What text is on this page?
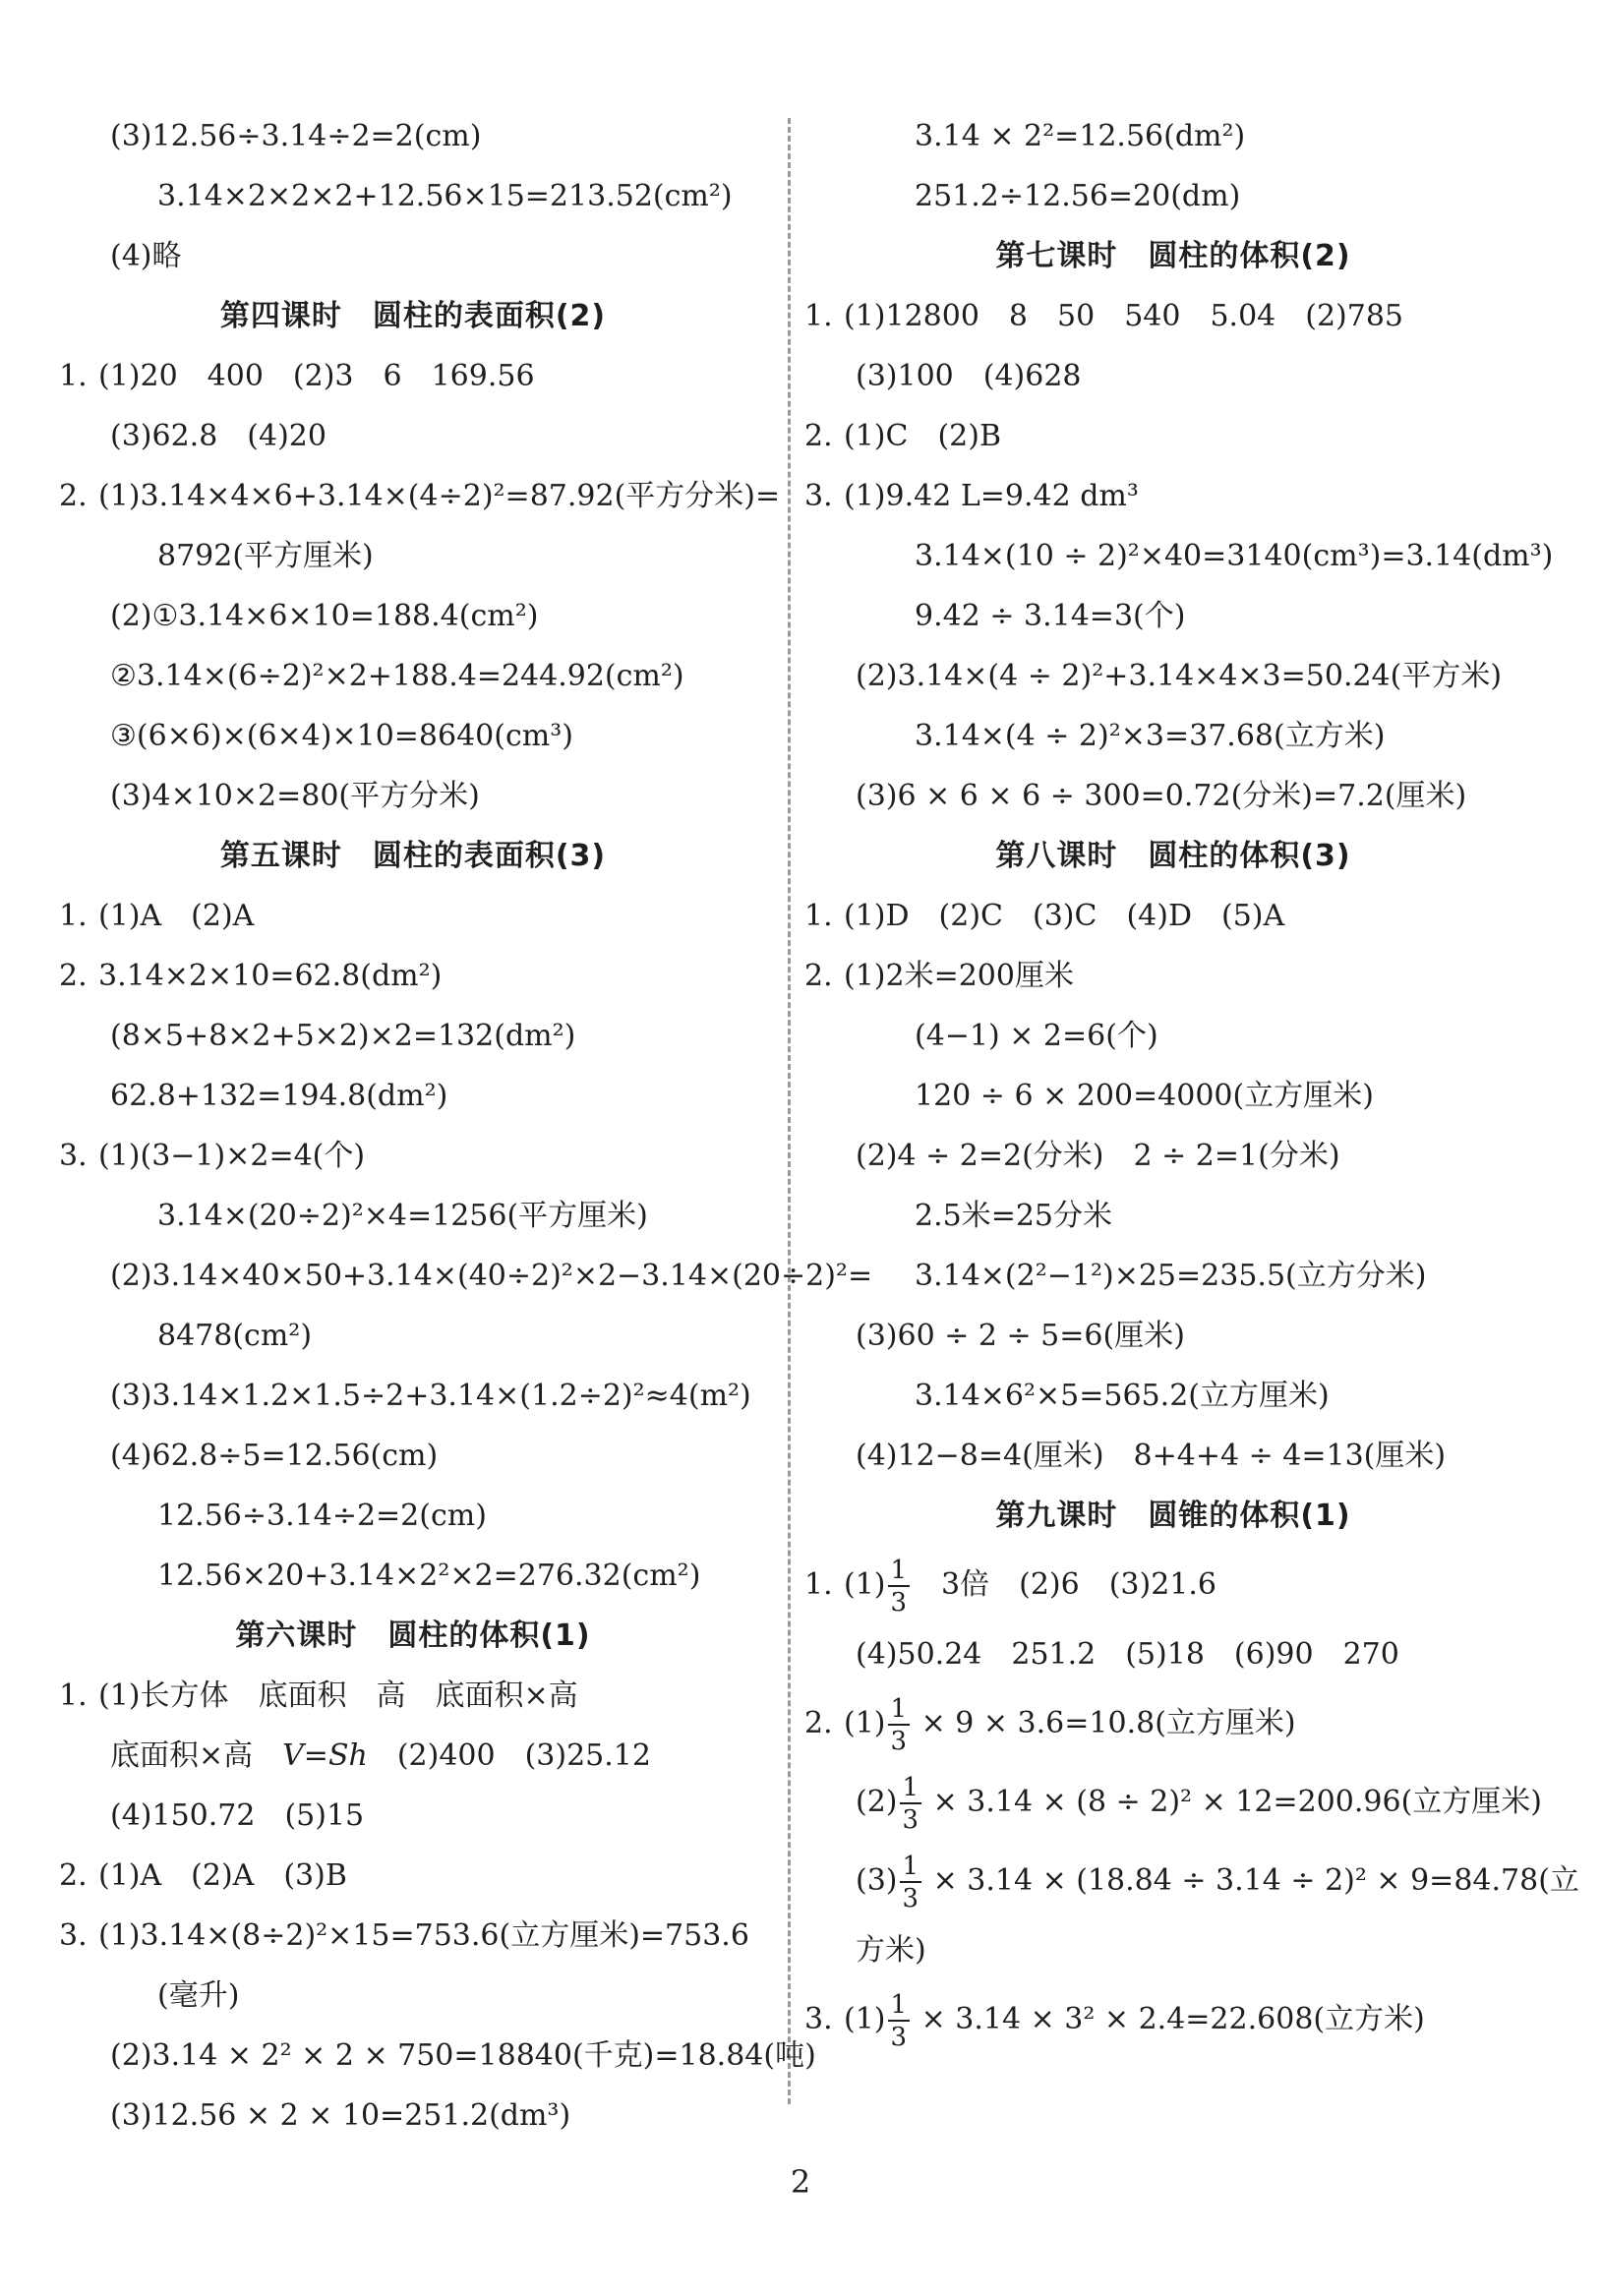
(3)12.56÷3.14÷2=2(cm)
3.14×2×2×2+12.56×15=213.52(cm²)
(4)略
第四课时　圆柱的表面积(2)
1. (1)20　400　(2)3　6　169.56
(3)62.8　(4)20
2. (1)3.14×4×6+3.14×(4÷2)²=87.92(平方分米)=
8792(平方厘米)
(2)①3.14×6×10=188.4(cm²)
②3.14×(6÷2)²×2+188.4=244.92(cm²)
③(6×6)×(6×4)×10=8640(cm³)
(3)4×10×2=80(平方分米)
第五课时　圆柱的表面积(3)
1. (1)A　(2)A
2. 3.14×2×10=62.8(dm²)
(8×5+8×2+5×2)×2=132(dm²)
62.8+132=194.8(dm²)
3. (1)(3−1)×2=4(个)
3.14×(20÷2)²×4=1256(平方厘米)
(2)3.14×40×50+3.14×(40÷2)²×2−3.14×(20÷2)²=
8478(cm²)
(3)3.14×1.2×1.5÷2+3.14×(1.2÷2)²≈4(m²)
(4)62.8÷5=12.56(cm)
12.56÷3.14÷2=2(cm)
12.56×20+3.14×2²×2=276.32(cm²)
第六课时　圆柱的体积(1)
1. (1)长方体　底面积　高　底面积×高
底面积×高　V=Sh　(2)400　(3)25.12
(4)150.72　(5)15
2. (1)A　(2)A　(3)B
3. (1)3.14×(8÷2)²×15=753.6(立方厘米)=753.6
(毫升)
(2)3.14 × 2² × 2 × 750=18840(千克)=18.84(吨)
(3)12.56 × 2 × 10=251.2(dm³)
3.14 × 2²=12.56(dm²)
251.2÷12.56=20(dm)
第七课时　圆柱的体积(2)
1. (1)12800　8　50　540　5.04　(2)785
(3)100　(4)628
2. (1)C　(2)B
3. (1)9.42 L=9.42 dm³
3.14×(10 ÷ 2)²×40=3140(cm³)=3.14(dm³)
9.42 ÷ 3.14=3(个)
(2)3.14×(4 ÷ 2)²+3.14×4×3=50.24(平方米)
3.14×(4 ÷ 2)²×3=37.68(立方米)
(3)6 × 6 × 6 ÷ 300=0.72(分米)=7.2(厘米)
第八课时　圆柱的体积(3)
1. (1)D　(2)C　(3)C　(4)D　(5)A
2. (1)2米=200厘米
(4−1) × 2=6(个)
120 ÷ 6 × 200=4000(立方厘米)
(2)4 ÷ 2=2(分米)　2 ÷ 2=1(分米)
2.5米=25分米
3.14×(2²−1²)×25=235.5(立方分米)
(3)60 ÷ 2 ÷ 5=6(厘米)
3.14×6²×5=565.2(立方厘米)
(4)12−8=4(厘米)　8+4+4 ÷ 4=13(厘米)
第九课时　圆锥的体积(1)
1. $(1) \frac{1}{3}$ 　3倍　(2)6　(3)21.6
(4)50.24　251.2　(5)18　(6)90　270
2. $(1) \frac{1}{3} \times 9 \times 3.6=10.8$(立方厘米)
$(2) \frac{1}{3} \times 3.14 \times (8 \div 2)^2 \times 12=200.96$(立方厘米)
$(3) \frac{1}{3} \times 3.14 \times (18.84 \div 3.14 \div 2)^2 \times 9=84.78$(立
方米)
3. $(1) \frac{1}{3} \times 3.14 \times 3^2 \times 2.4=22.608$(立方米)
2
